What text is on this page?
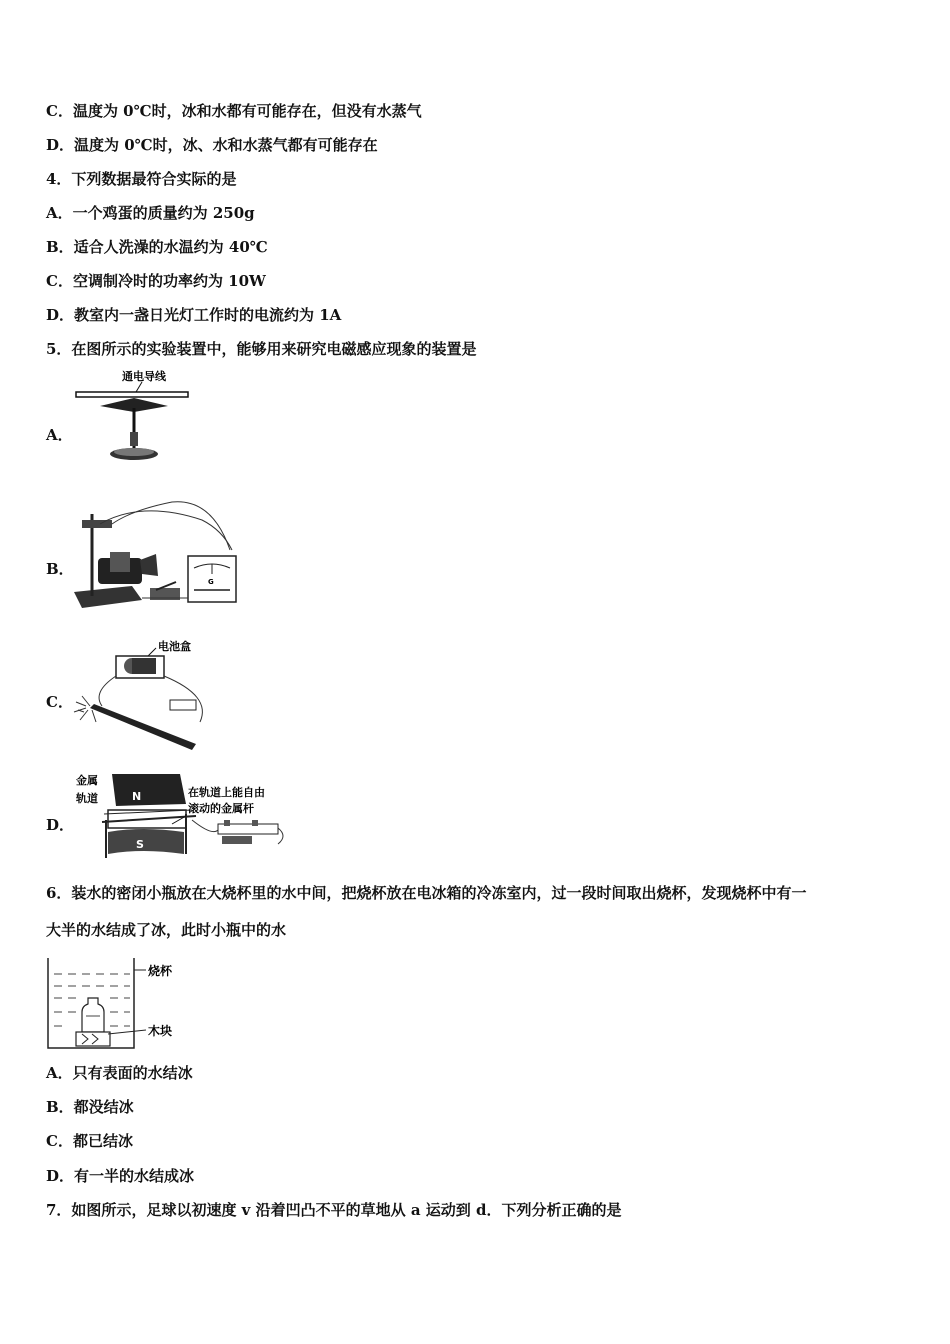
C．温度为 0℃时，冰和水都有可能存在，但没有水蒸气
D．温度为 0℃时，冰、水和水蒸气都有可能存在
4．下列数据最符合实际的是
A．一个鸡蛋的质量约为 250g
B．适合人洗澡的水温约为 40℃
C．空调制冷时的功率约为 10W
D．教室内一盏日光灯工作时的电流约为 1A
5．在图所示的实验装置中，能够用来研究电磁感应现象的装置是
A．
通电导线
B．
G
C．
电池盒
D．
金属
轨道	N
S
在轨道上能自由
滚动的金属杆
6．装水的密闭小瓶放在大烧杯里的水中间，把烧杯放在电冰箱的冷冻室内，过一段时间取出烧杯，发现烧杯中有一
大半的水结成了冰，此时小瓶中的水
烧杯
木块
A．只有表面的水结冰
B．都没结冰
C．都已结冰
D．有一半的水结成冰
7．如图所示，足球以初速度 v 沿着凹凸不平的草地从 a 运动到 d．下列分析正确的是
